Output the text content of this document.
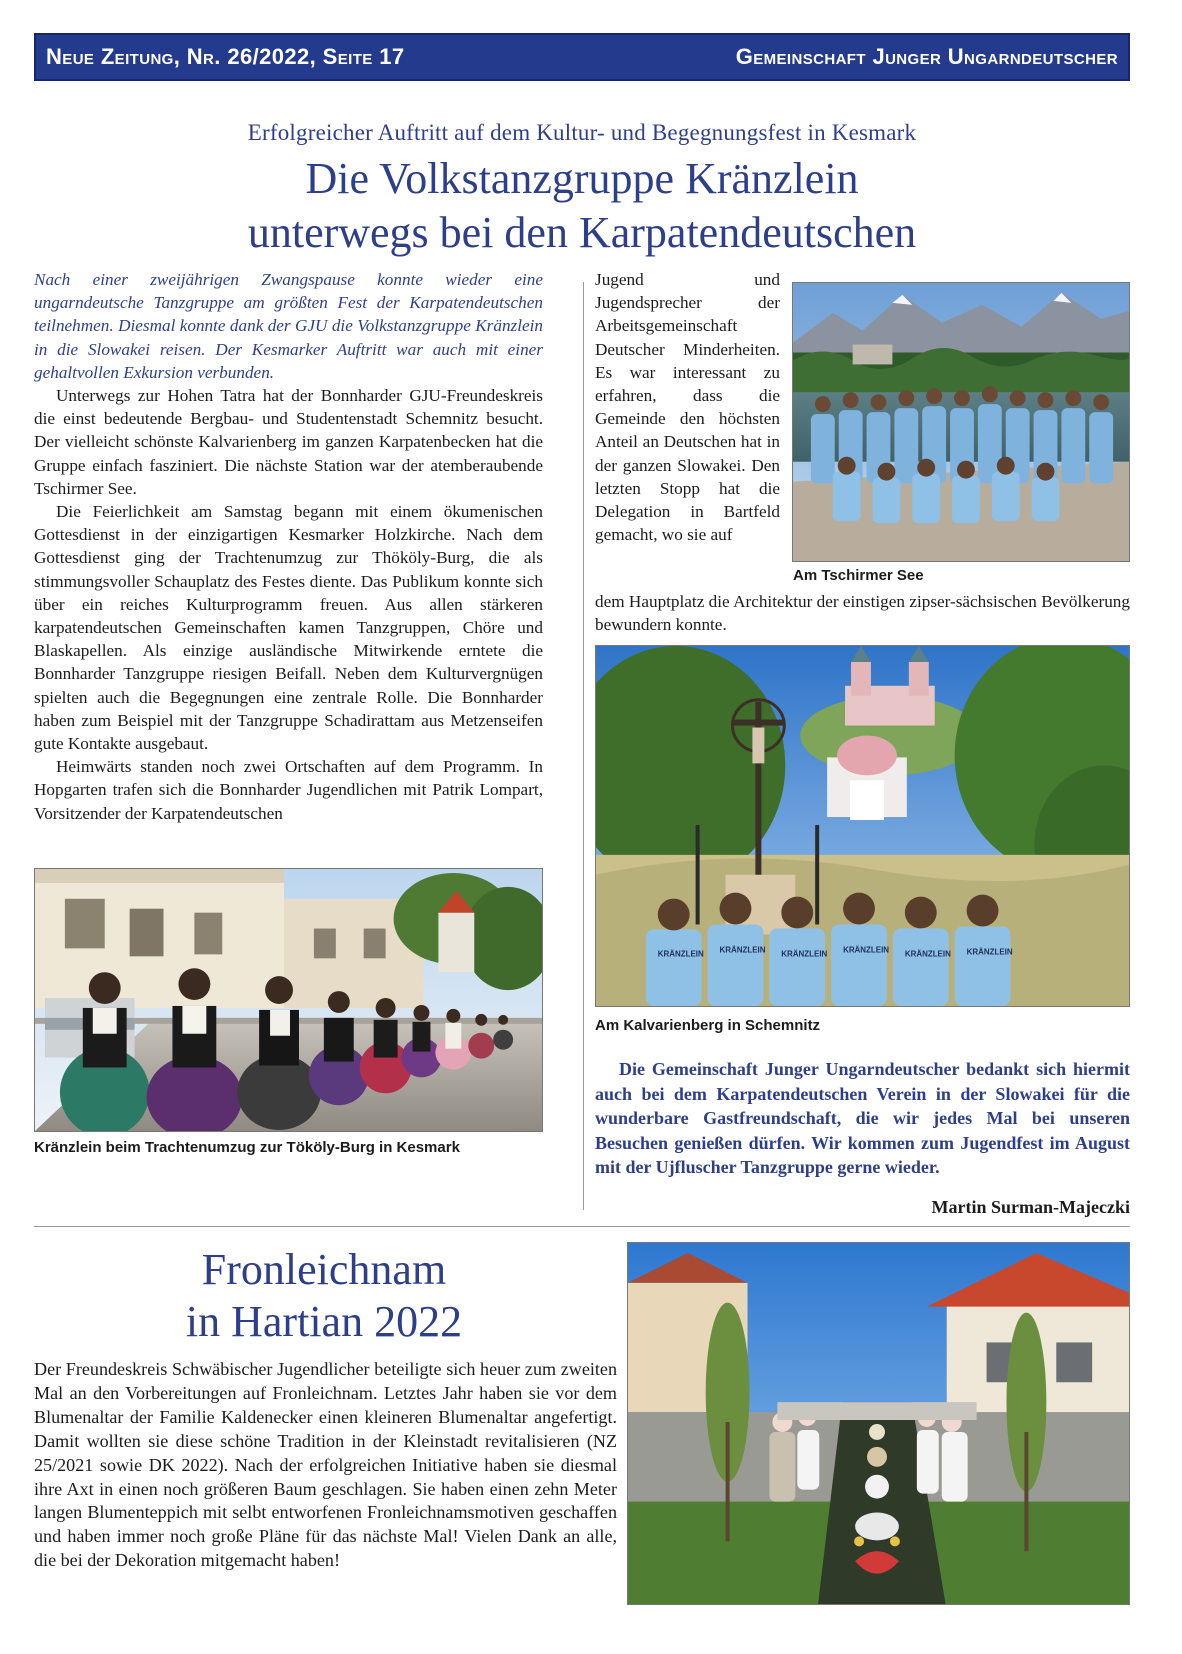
Neue Zeitung, Nr. 26/2022, Seite 17	Gemeinschaft Junger Ungarndeutscher
Erfolgreicher Auftritt auf dem Kultur- und Begegnungsfest in Kesmark
Die Volkstanzgruppe Kränzlein
unterwegs bei den Karpatendeutschen

Nach einer zweijährigen Zwangspause konnte wieder eine ungarndeutsche Tanzgruppe am größten Fest der Karpatendeutschen teilnehmen. Diesmal konnte dank der GJU die Volkstanzgruppe Kränzlein in die Slowakei reisen. Der Kesmarker Auftritt war auch mit einer gehaltvollen Exkursion verbunden.

Unterwegs zur Hohen Tatra hat der Bonnharder GJU-Freundeskreis die einst bedeutende Bergbau- und Studentenstadt Schemnitz besucht. Der vielleicht schönste Kalvarienberg im ganzen Karpatenbecken hat die Gruppe einfach fasziniert. Die nächste Station war der atemberaubende Tschirmer See.

Die Feierlichkeit am Samstag begann mit einem ökumenischen Gottesdienst in der einzigartigen Kesmarker Holzkirche. Nach dem Gottesdienst ging der Trachtenumzug zur Thököly-Burg, die als stimmungsvoller Schauplatz des Festes diente. Das Publikum konnte sich über ein reiches Kulturprogramm freuen. Aus allen stärkeren karpatendeutschen Gemeinschaften kamen Tanzgruppen, Chöre und Blaskapellen. Als einzige ausländische Mitwirkende erntete die Bonnharder Tanzgruppe riesigen Beifall. Neben dem Kulturvergnügen spielten auch die Begegnungen eine zentrale Rolle. Die Bonnharder haben zum Beispiel mit der Tanzgruppe Schadirattam aus Metzenseifen gute Kontakte ausgebaut.

Heimwärts standen noch zwei Ortschaften auf dem Programm. In Hopgarten trafen sich die Bonnharder Jugendlichen mit Patrik Lompart, Vorsitzender der Karpatendeutschen

Kränzlein beim Trachtenumzug zur Tököly-Burg in Kesmark

Jugend und Jugendsprecher der Arbeitsgemeinschaft Deutscher Minderheiten. Es war interessant zu erfahren, dass die Gemeinde den höchsten Anteil an Deutschen hat in der ganzen Slowakei. Den letzten Stopp hat die Delegation in Bartfeld gemacht, wo sie auf

Am Tschirmer See

dem Hauptplatz die Architektur der einstigen zipser-sächsischen Bevölkerung bewundern konnte.

KRÄNZLEIN KRÄNZLEIN KRÄNZLEIN KRÄNZLEIN KRÄNZLEIN KRÄNZLEIN
Am Kalvarienberg in Schemnitz
Die Gemeinschaft Junger Ungarndeutscher bedankt sich hiermit auch bei dem Karpatendeutschen Verein in der Slowakei für die wunderbare Gastfreundschaft, die wir jedes Mal bei unseren Besuchen genießen dürfen. Wir kommen zum Jugendfest im August mit der Ujfluscher Tanzgruppe gerne wieder.
Martin Surman-Majeczki
Fronleichnam
in Hartian 2022

Der Freundeskreis Schwäbischer Jugendlicher beteiligte sich heuer zum zweiten Mal an den Vorbereitungen auf Fronleichnam. Letztes Jahr haben sie vor dem Blumenaltar der Familie Kaldenecker einen kleineren Blumenaltar angefertigt. Damit wollten sie diese schöne Tradition in der Kleinstadt revitalisieren (NZ 25/2021 sowie DK 2022). Nach der erfolgreichen Initiative haben sie diesmal ihre Axt in einen noch größeren Baum geschlagen. Sie haben einen zehn Meter langen Blumenteppich mit selbt entworfenen Fronleichnamsmotiven geschaffen und haben immer noch große Pläne für das nächste Mal! Vielen Dank an alle, die bei der Dekoration mitgemacht haben!
